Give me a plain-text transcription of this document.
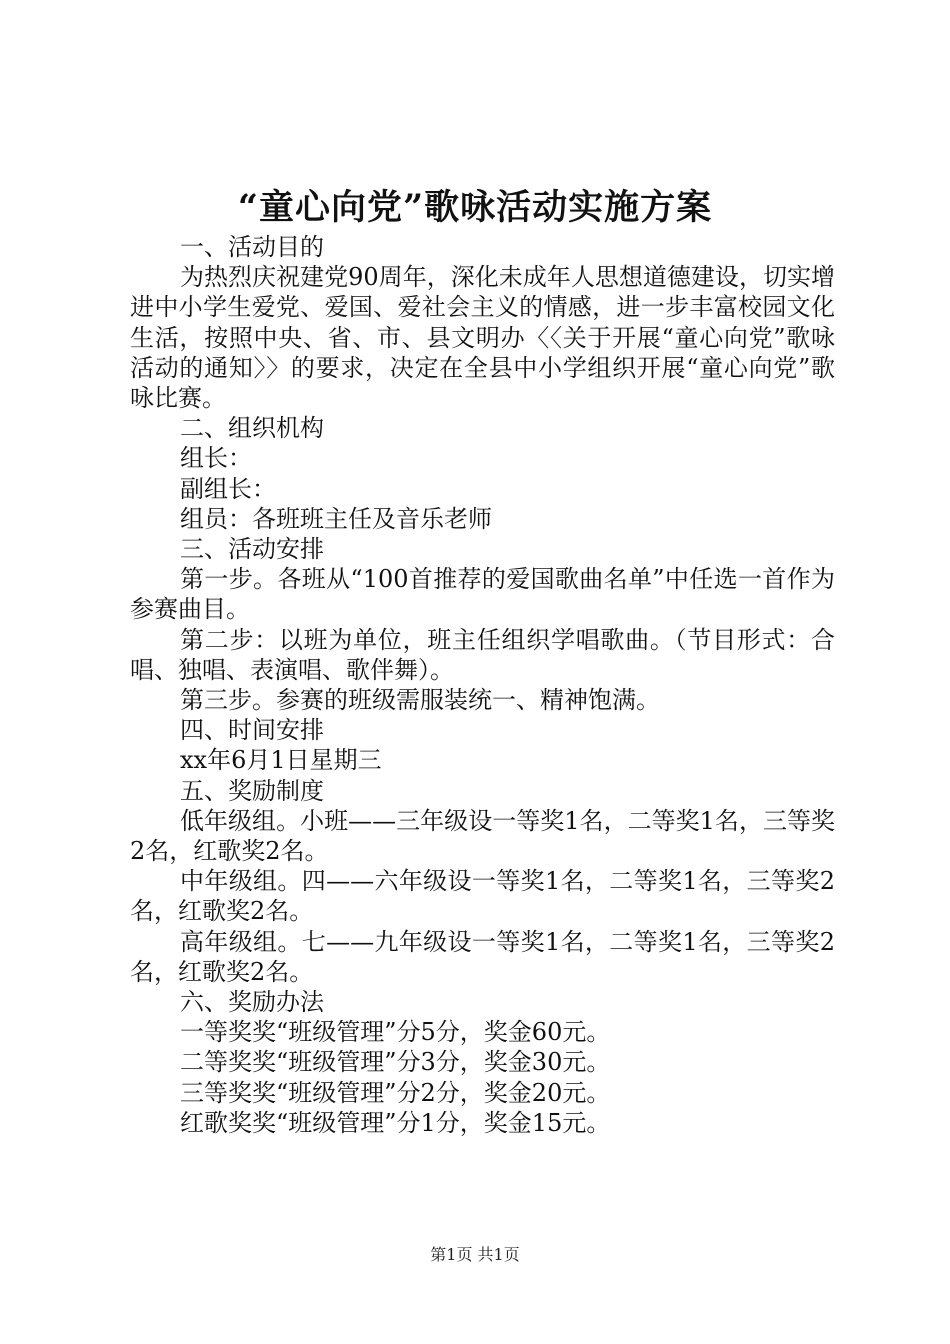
“童心向党”歌咏活动实施方案

一、活动目的

为热烈庆祝建党90周年，深化未成年人思想道德建设，切实增进中小学生爱党、爱国、爱社会主义的情感，进一步丰富校园文化生活，按照中央、省、市、县文明办〈〈关于开展“童心向党”歌咏活动的通知〉〉的要求，决定在全县中小学组织开展“童心向党”歌咏比赛。

二、组织机构

组长：

副组长：

组员：各班班主任及音乐老师

三、活动安排

第一步。各班从“100首推荐的爱国歌曲名单”中任选一首作为参赛曲目。

第二步：以班为单位，班主任组织学唱歌曲。（节目形式：合唱、独唱、表演唱、歌伴舞）。

第三步。参赛的班级需服装统一、精神饱满。

四、时间安排

xx年6月1日星期三

五、奖励制度

低年级组。小班——三年级设一等奖1名，二等奖1名，三等奖2名，红歌奖2名。

中年级组。四——六年级设一等奖1名，二等奖1名，三等奖2名，红歌奖2名。

高年级组。七——九年级设一等奖1名，二等奖1名，三等奖2名，红歌奖2名。

六、奖励办法

一等奖奖“班级管理”分5分，奖金60元。

二等奖奖“班级管理”分3分，奖金30元。

三等奖奖“班级管理”分2分，奖金20元。

红歌奖奖“班级管理”分1分，奖金15元。

第1页 共1页
